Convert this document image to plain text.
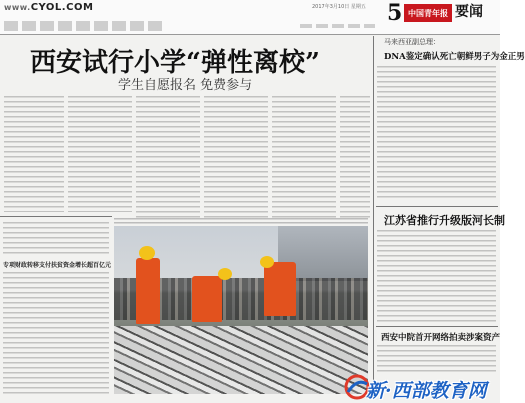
www.CYOL.COM	2017年3月10日 星期五 5 中国青年报 要闻
西安试行小学“弹性离校”
学生自愿报名 免费参与
专项财政转移支付扶贫资金增长超百亿元
马来西亚副总理：
DNA鉴定确认死亡朝鲜男子为金正男
江苏省推行升级版河长制
西安中院首开网络拍卖涉案资产
新·西部教育网
